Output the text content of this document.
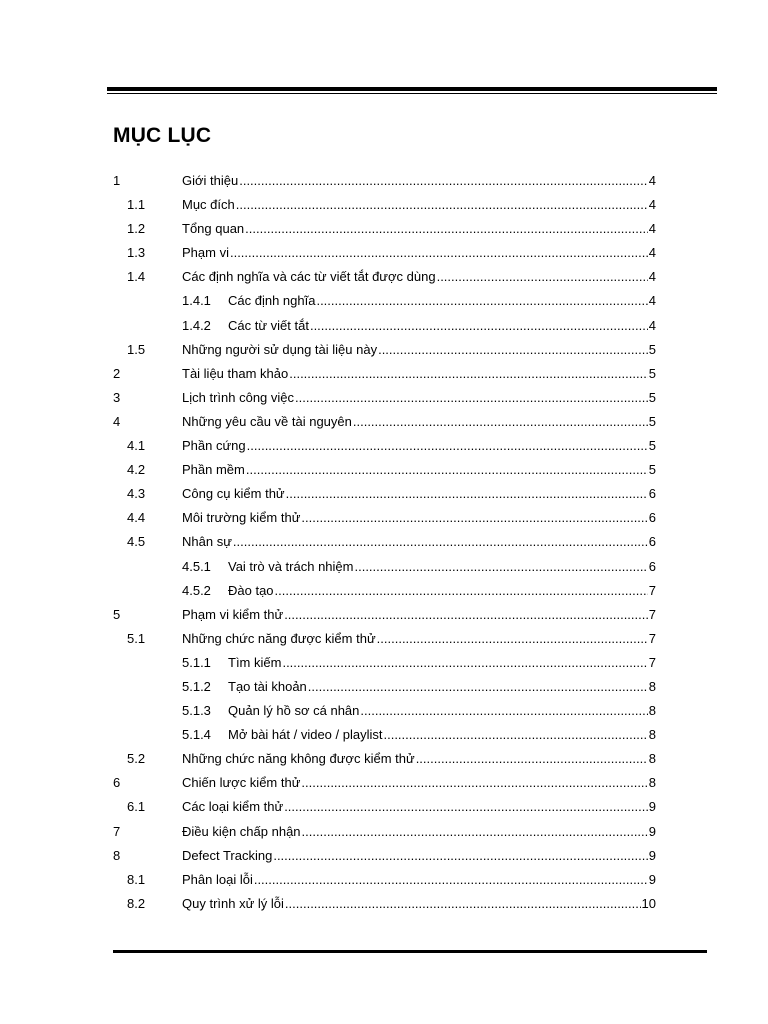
MỤC LỤC
1	Giới thiệu .....	4
1.1	Mục đích .....	4
1.2	Tổng quan .....	4
1.3	Phạm vi .....	4
1.4	Các định nghĩa và các từ viết tắt được dùng .....	4
1.4.1 Các định nghĩa .....	4
1.4.2 Các từ viết tắt .....	4
1.5	Những người sử dụng tài liệu này .....	5
2	Tài liệu tham khảo .....	5
3	Lịch trình công việc .....	5
4	Những yêu cầu về tài nguyên .....	5
4.1	Phần cứng .....	5
4.2	Phần mềm .....	5
4.3	Công cụ kiểm thử .....	6
4.4	Môi trường kiểm thử .....	6
4.5	Nhân sự .....	6
4.5.1 Vai trò và trách nhiệm .....	6
4.5.2 Đào tạo .....	7
5	Phạm vi kiểm thử .....	7
5.1	Những chức năng được kiểm thử .....	7
5.1.1 Tìm kiếm .....	7
5.1.2 Tạo tài khoản .....	8
5.1.3 Quản lý hồ sơ cá nhân .....	8
5.1.4 Mở bài hát / video / playlist .....	8
5.2	Những chức năng không được kiểm thử .....	8
6	Chiến lược kiểm thử .....	8
6.1	Các loại kiểm thử .....	9
7	Điều kiện chấp nhận .....	9
8	Defect Tracking .....	9
8.1	Phân loại lỗi .....	9
8.2	Quy trình xử lý lỗi .....	10
